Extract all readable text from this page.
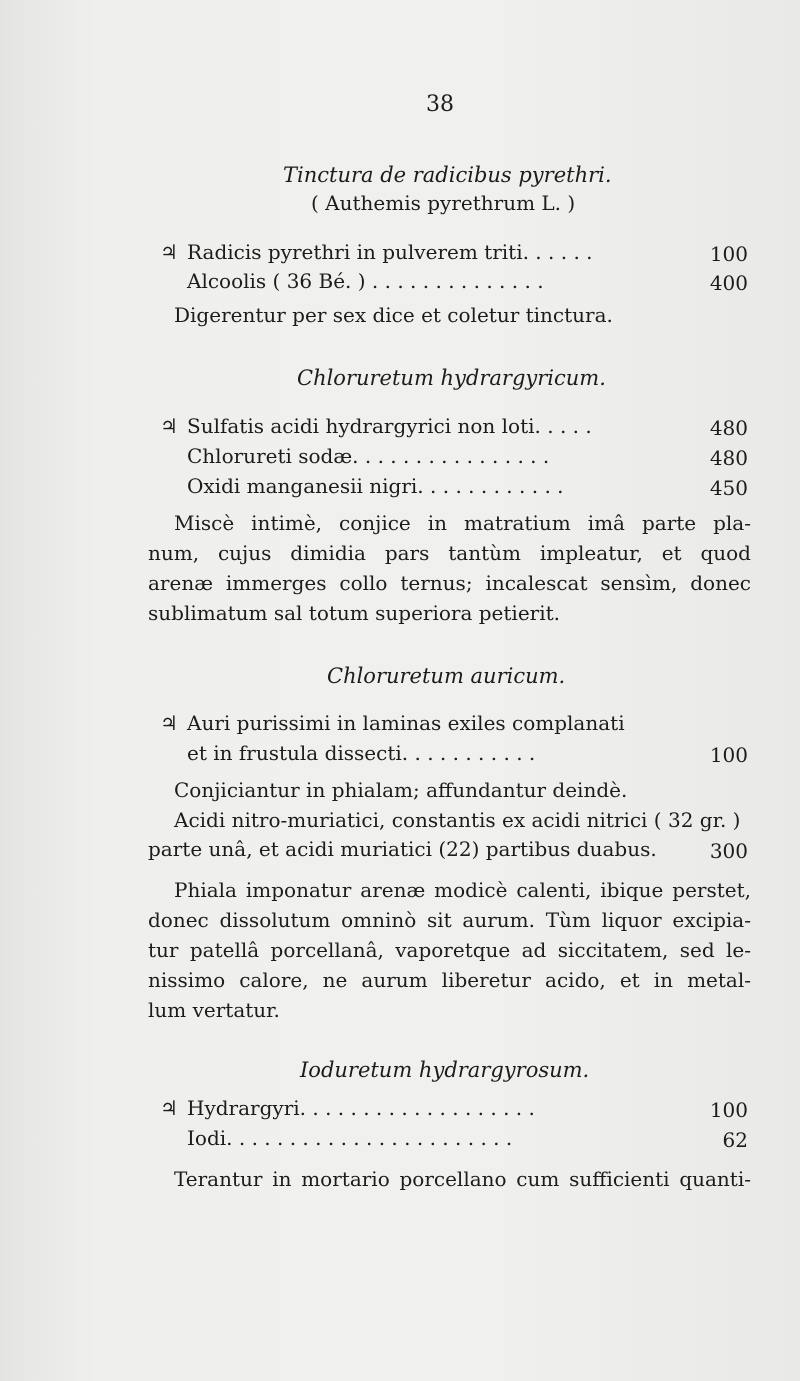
38
Tinctura de radicibus pyrethri.
( Authemis pyrethrum L. )
♃ Radicis pyrethri in pulverem triti. . . . . .	100
Alcoolis ( 36 Bé. ) . . . . . . . . . . . . . .	400
Digerentur per sex dice et coletur tinctura.
Chloruretum hydrargyricum.
♃ Sulfatis acidi hydrargyrici non loti. . . . .	480
Chlorureti sodæ. . . . . . . . . . . . . . . .	480
Oxidi manganesii nigri. . . . . . . . . . . .	450
Miscè intimè, conjice in matratium imâ parte pla-
num, cujus dimidia pars tantùm impleatur, et quod
arenæ immerges collo ternus; incalescat sensìm, donec
sublimatum sal totum superiora petierit.
Chloruretum auricum.
♃ Auri purissimi in laminas exiles complanati
et in frustula dissecti. . . . . . . . . . .	100
Conjiciantur in phialam; affundantur deindè.
Acidi nitro-muriatici, constantis ex acidi nitrici ( 32 gr. )
parte unâ, et acidi muriatici (22) partibus duabus.	300
Phiala imponatur arenæ modicè calenti, ibique perstet,
donec dissolutum omninò sit aurum. Tùm liquor excipia-
tur patellâ porcellanâ, vaporetque ad siccitatem, sed le-
nissimo calore, ne aurum liberetur acido, et in metal-
lum vertatur.
Ioduretum hydrargyrosum.
♃ Hydrargyri. . . . . . . . . . . . . . . . . . .	100
Iodi. . . . . . . . . . . . . . . . . . . . . . .	62
Terantur in mortario porcellano cum sufficienti quanti-
